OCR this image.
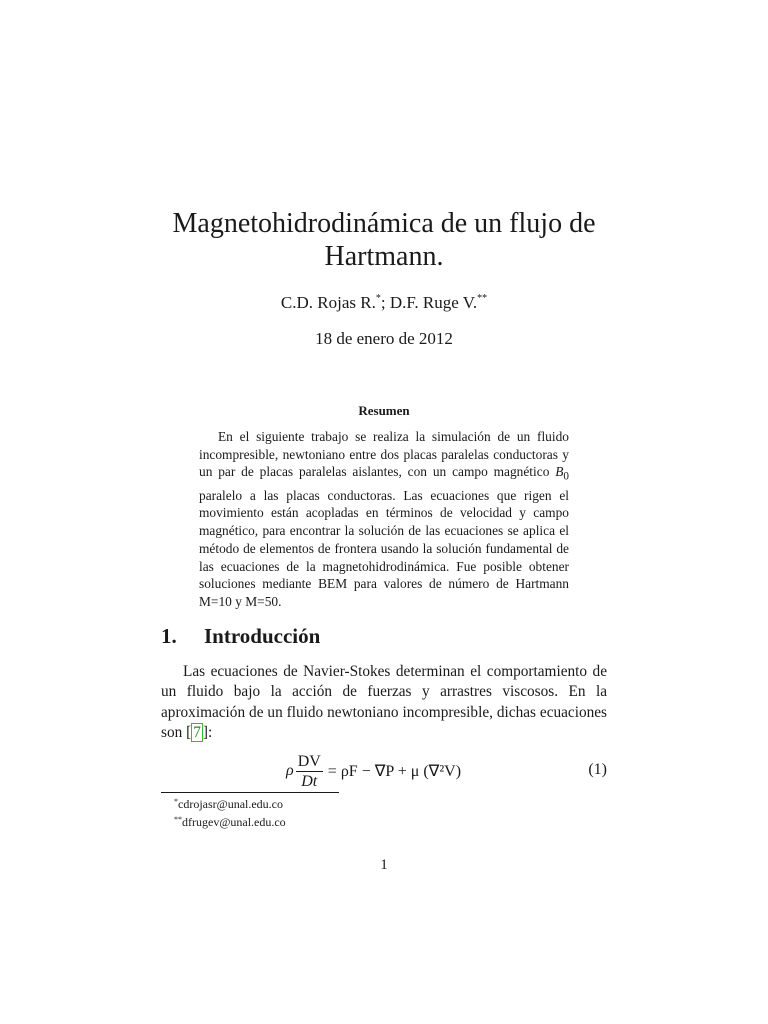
Magnetohidrodinámica de un flujo de
Hartmann.
C.D. Rojas R.*; D.F. Ruge V.**
18 de enero de 2012
Resumen
En el siguiente trabajo se realiza la simulación de un fluido incompresible, newtoniano entre dos placas paralelas conductoras y un par de placas paralelas aislantes, con un campo magnético $B_0$ paralelo a las placas conductoras. Las ecuaciones que rigen el movimiento están acopladas en términos de velocidad y campo magnético, para encontrar la solución de las ecuaciones se aplica el método de elementos de frontera usando la solución fundamental de las ecuaciones de la magnetohidrodinámica. Fue posible obtener soluciones mediante BEM para valores de número de Hartmann M=10 y M=50.
1. Introducción
Las ecuaciones de Navier-Stokes determinan el comportamiento de un fluido bajo la acción de fuerzas y arrastres viscosos. En la aproximación de un fluido newtoniano incompresible, dichas ecuaciones son [ 7 ]:
ρ $\frac{DV}{Dt} = \rho F - \nabla P + \mu$ (∇²V)	(1)
*cdrojasr@unal.edu.co
**dfrugev@unal.edu.co
1
